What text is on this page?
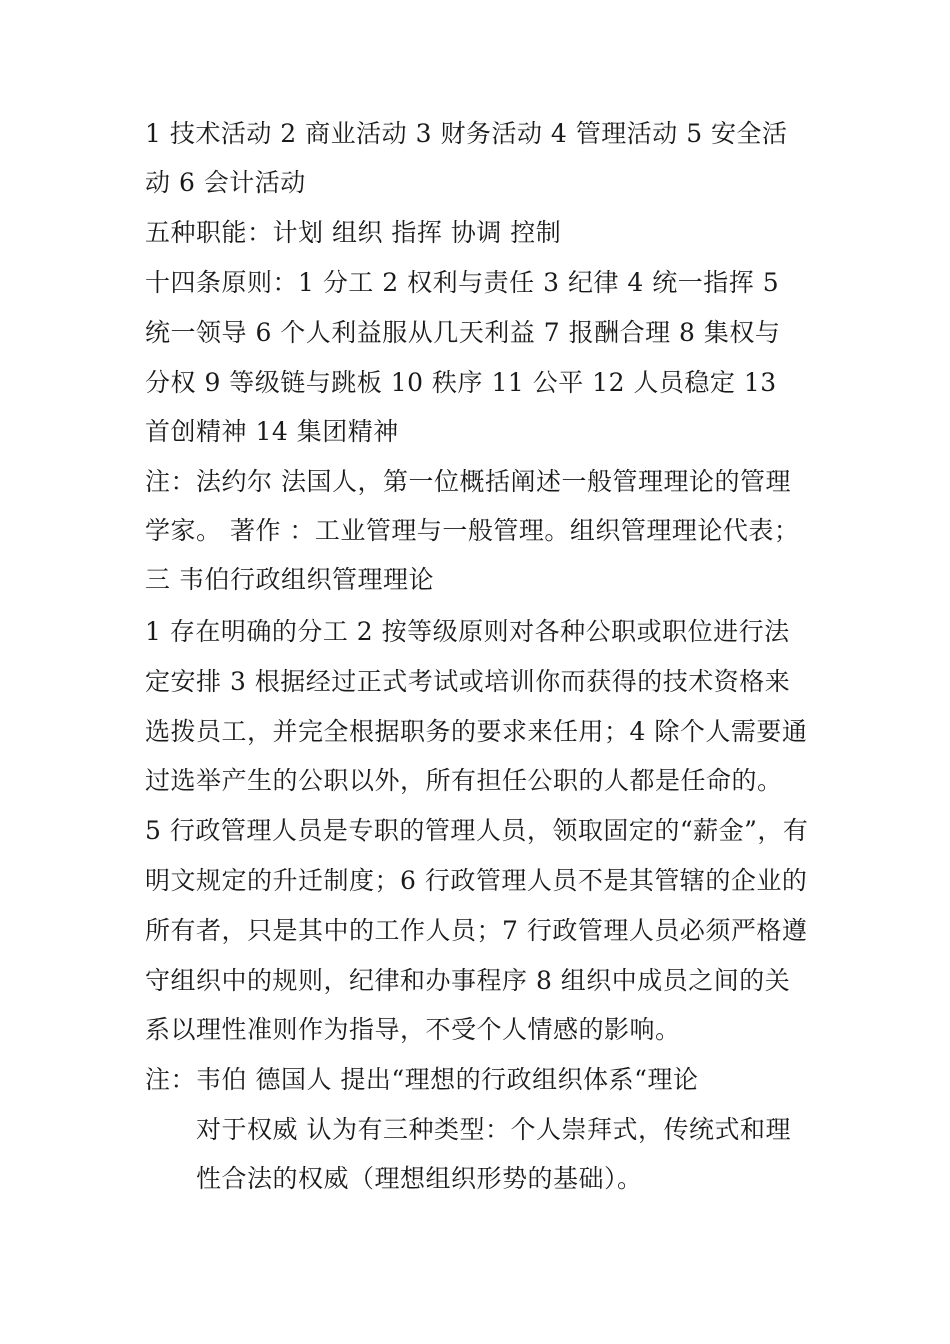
1 技术活动 2 商业活动 3 财务活动 4 管理活动 5 安全活
动 6 会计活动
五种职能：计划 组织 指挥 协调 控制
十四条原则：1 分工 2 权利与责任 3 纪律 4 统一指挥 5
统一领导 6 个人利益服从几天利益 7 报酬合理 8 集权与
分权 9 等级链与跳板 10 秩序 11 公平 12 人员稳定 13
首创精神 14 集团精神
注：法约尔 法国人，第一位概括阐述一般管理理论的管理
学家。 著作 ：工业管理与一般管理。组织管理理论代表；
三 韦伯行政组织管理理论
1 存在明确的分工 2 按等级原则对各种公职或职位进行法
定安排 3 根据经过正式考试或培训你而获得的技术资格来
选拨员工，并完全根据职务的要求来任用；4 除个人需要通
过选举产生的公职以外，所有担任公职的人都是任命的。
5 行政管理人员是专职的管理人员，领取固定的“薪金”，有
明文规定的升迁制度；6 行政管理人员不是其管辖的企业的
所有者，只是其中的工作人员；7 行政管理人员必须严格遵
守组织中的规则，纪律和办事程序 8 组织中成员之间的关
系以理性准则作为指导，不受个人情感的影响。
注：韦伯 德国人 提出“理想的行政组织体系“理论
对于权威 认为有三种类型：个人崇拜式，传统式和理
性合法的权威（理想组织形势的基础）。
